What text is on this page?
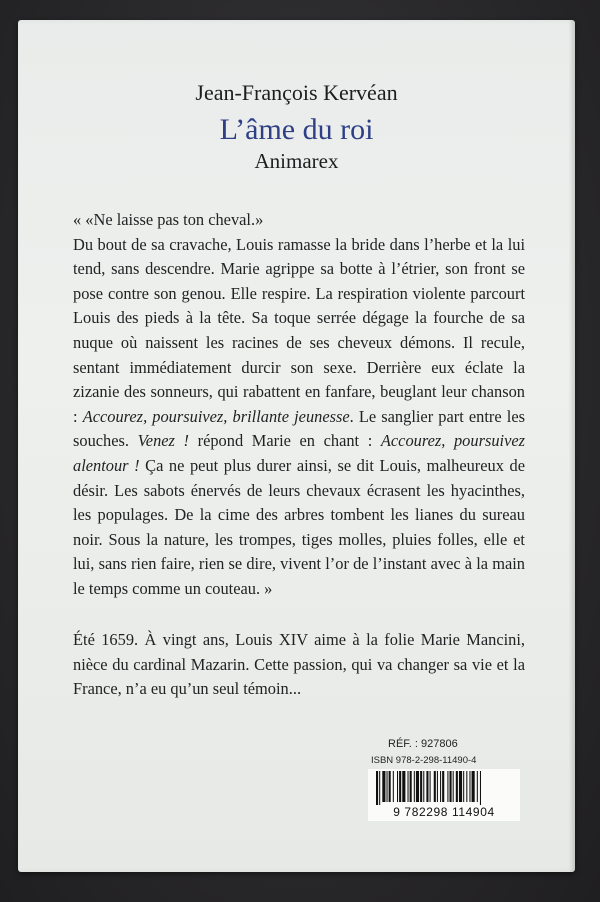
Jean-François Kervéan
L’âme du roi
Animarex

« «Ne laisse pas ton cheval.»

Du bout de sa cravache, Louis ramasse la bride dans l’herbe et la lui tend, sans descendre. Marie agrippe sa botte à l’étrier, son front se pose contre son genou. Elle respire. La respiration violente parcourt Louis des pieds à la tête. Sa toque serrée dégage la fourche de sa nuque où naissent les racines de ses cheveux démons. Il recule, sentant immédiatement durcir son sexe. Derrière eux éclate la zizanie des sonneurs, qui rabattent en fanfare, beuglant leur chanson : Accourez, poursuivez, brillante jeunesse. Le sanglier part entre les souches. Venez ! répond Marie en chant : Accourez, poursuivez alentour ! Ça ne peut plus durer ainsi, se dit Louis, malheureux de désir. Les sabots énervés de leurs chevaux écrasent les hyacinthes, les populages. De la cime des arbres tombent les lianes du sureau noir. Sous la nature, les trompes, tiges molles, pluies folles, elle et lui, sans rien faire, rien se dire, vivent l’or de l’instant avec à la main le temps comme un couteau. »

Été 1659. À vingt ans, Louis XIV aime à la folie Marie Mancini, nièce du cardinal Mazarin. Cette passion, qui va changer sa vie et la France, n’a eu qu’un seul témoin...

RÉF. : 927806
ISBN 978-2-298-11490-4
9 782298 114904
